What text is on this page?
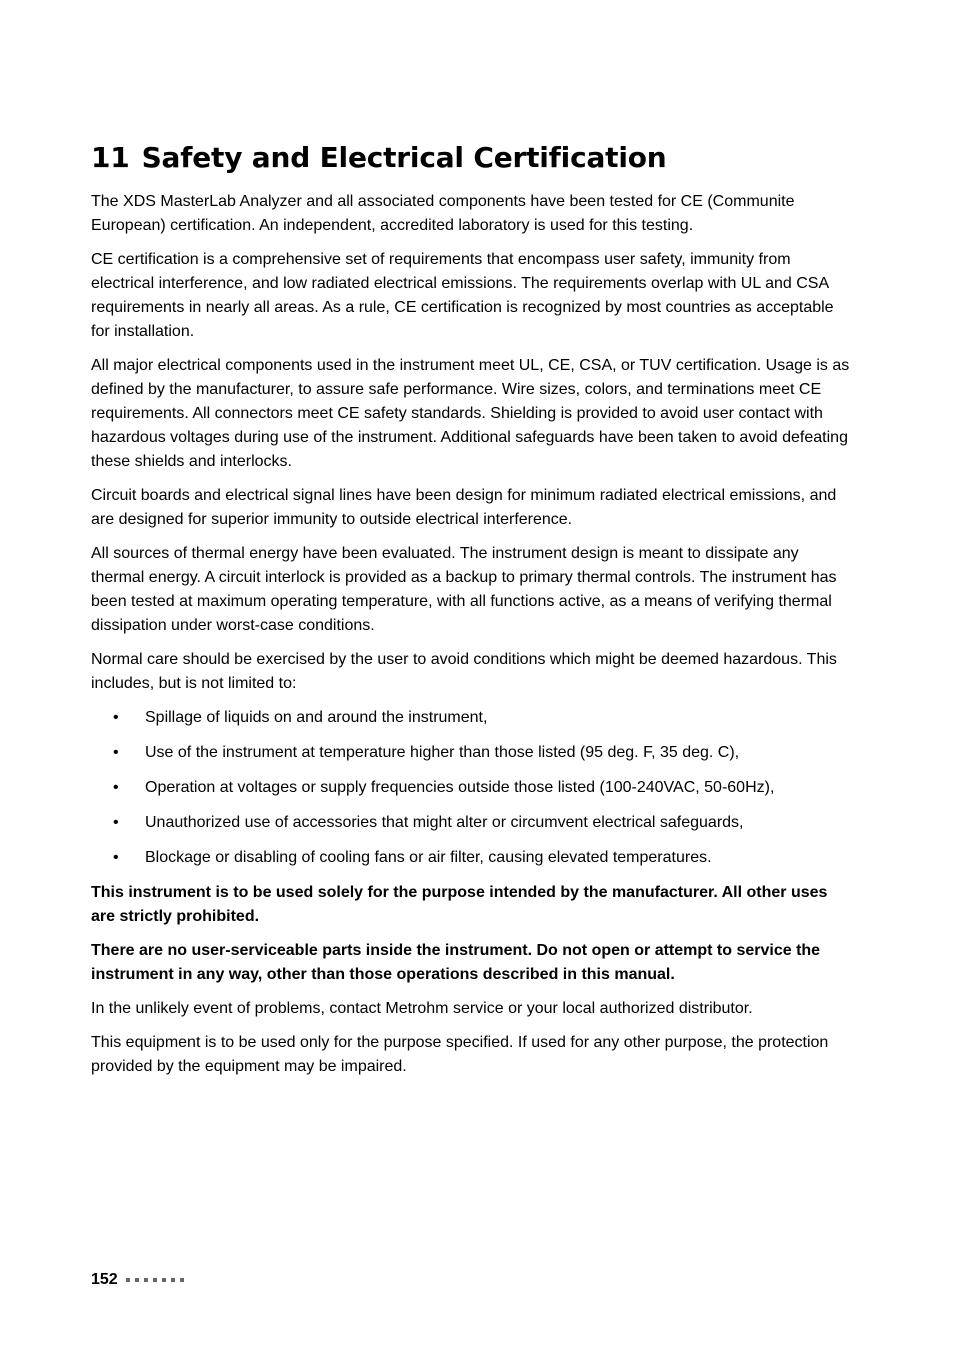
11 Safety and Electrical Certification

The XDS MasterLab Analyzer and all associated components have been tested for CE (Communite European) certification. An independent, accredited laboratory is used for this testing.

CE certification is a comprehensive set of requirements that encompass user safety, immunity from electrical interference, and low radiated electrical emissions. The requirements overlap with UL and CSA requirements in nearly all areas. As a rule, CE certification is recognized by most countries as acceptable for installation.

All major electrical components used in the instrument meet UL, CE, CSA, or TUV certification. Usage is as defined by the manufacturer, to assure safe performance. Wire sizes, colors, and terminations meet CE requirements. All connectors meet CE safety standards. Shielding is provided to avoid user contact with hazardous voltages during use of the instrument. Additional safeguards have been taken to avoid defeating these shields and interlocks.

Circuit boards and electrical signal lines have been design for minimum radiated electrical emissions, and are designed for superior immunity to outside electrical interference.

All sources of thermal energy have been evaluated. The instrument design is meant to dissipate any thermal energy. A circuit interlock is provided as a backup to primary thermal controls. The instrument has been tested at maximum operating temperature, with all functions active, as a means of verifying thermal dissipation under worst-case conditions.

Normal care should be exercised by the user to avoid conditions which might be deemed hazardous. This includes, but is not limited to:

• Spillage of liquids on and around the instrument,
• Use of the instrument at temperature higher than those listed (95 deg. F, 35 deg. C),
• Operation at voltages or supply frequencies outside those listed (100-240VAC, 50-60Hz),
• Unauthorized use of accessories that might alter or circumvent electrical safeguards,
• Blockage or disabling of cooling fans or air filter, causing elevated temperatures.

This instrument is to be used solely for the purpose intended by the manufacturer. All other uses are strictly prohibited.

There are no user-serviceable parts inside the instrument. Do not open or attempt to service the instrument in any way, other than those operations described in this manual.

In the unlikely event of problems, contact Metrohm service or your local authorized distributor.

This equipment is to be used only for the purpose specified. If used for any other purpose, the protection provided by the equipment may be impaired.

152
